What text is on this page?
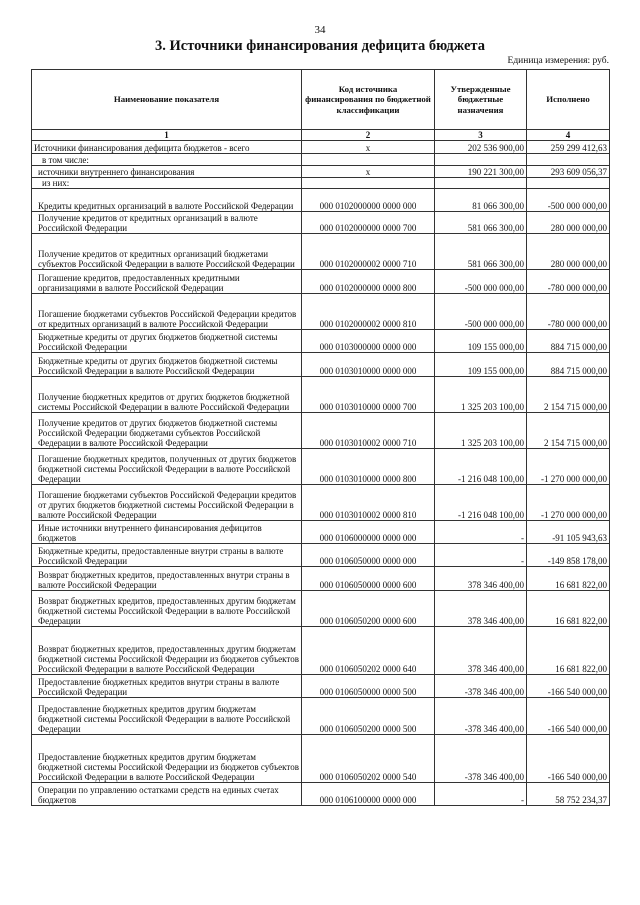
34
3. Источники финансирования дефицита бюджета
Единица измерения: руб.
Наименование показателя	Код источника финансирования по бюджетной классификации	Утвержденные бюджетные назначения	Исполнено
1	2	3	4
Источники финансирования дефицита бюджетов - всего	x	202 536 900,00	259 299 412,63
в том числе:			
источники внутреннего финансирования	x	190 221 300,00	293 609 056,37
из них:			
Кредиты кредитных организаций в валюте Российской Федерации	000 0102000000 0000 000	81 066 300,00	-500 000 000,00
Получение кредитов от кредитных организаций в валюте Российской Федерации	000 0102000000 0000 700	581 066 300,00	280 000 000,00
Получение кредитов от кредитных организаций бюджетами субъектов Российской Федерации в валюте Российской Федерации	000 0102000002 0000 710	581 066 300,00	280 000 000,00
Погашение кредитов, предоставленных кредитными организациями в валюте Российской Федерации	000 0102000000 0000 800	-500 000 000,00	-780 000 000,00
Погашение бюджетами субъектов Российской Федерации кредитов от кредитных организаций в валюте Российской Федерации	000 0102000002 0000 810	-500 000 000,00	-780 000 000,00
Бюджетные кредиты от других бюджетов бюджетной системы Российской Федерации	000 0103000000 0000 000	109 155 000,00	884 715 000,00
Бюджетные кредиты от других бюджетов бюджетной системы Российской Федерации в валюте Российской Федерации	000 0103010000 0000 000	109 155 000,00	884 715 000,00
Получение бюджетных кредитов от других бюджетов бюджетной системы Российской Федерации в валюте Российской Федерации	000 0103010000 0000 700	1 325 203 100,00	2 154 715 000,00
Получение кредитов от других бюджетов бюджетной системы Российской Федерации бюджетами субъектов Российской Федерации в валюте Российской Федерации	000 0103010002 0000 710	1 325 203 100,00	2 154 715 000,00
Погашение бюджетных кредитов, полученных от других бюджетов бюджетной системы Российской Федерации в валюте Российской Федерации	000 0103010000 0000 800	-1 216 048 100,00	-1 270 000 000,00
Погашение бюджетами субъектов Российской Федерации кредитов от других бюджетов бюджетной системы Российской Федерации в валюте Российской Федерации	000 0103010002 0000 810	-1 216 048 100,00	-1 270 000 000,00
Иные источники внутреннего финансирования дефицитов бюджетов	000 0106000000 0000 000	-	-91 105 943,63
Бюджетные кредиты, предоставленные внутри страны в валюте Российской Федерации	000 0106050000 0000 000	-	-149 858 178,00
Возврат бюджетных кредитов, предоставленных внутри страны в валюте Российской Федерации	000 0106050000 0000 600	378 346 400,00	16 681 822,00
Возврат бюджетных кредитов, предоставленных другим бюджетам бюджетной системы Российской Федерации в валюте Российской Федерации	000 0106050200 0000 600	378 346 400,00	16 681 822,00
Возврат бюджетных кредитов, предоставленных другим бюджетам бюджетной системы Российской Федерации из бюджетов субъектов Российской Федерации в валюте Российской Федерации	000 0106050202 0000 640	378 346 400,00	16 681 822,00
Предоставление бюджетных кредитов внутри страны в валюте Российской Федерации	000 0106050000 0000 500	-378 346 400,00	-166 540 000,00
Предоставление бюджетных кредитов другим бюджетам бюджетной системы Российской Федерации в валюте Российской Федерации	000 0106050200 0000 500	-378 346 400,00	-166 540 000,00
Предоставление бюджетных кредитов другим бюджетам бюджетной системы Российской Федерации из бюджетов субъектов Российской Федерации в валюте Российской Федерации	000 0106050202 0000 540	-378 346 400,00	-166 540 000,00
Операции по управлению остатками средств на единых счетах бюджетов	000 0106100000 0000 000	-	58 752 234,37
